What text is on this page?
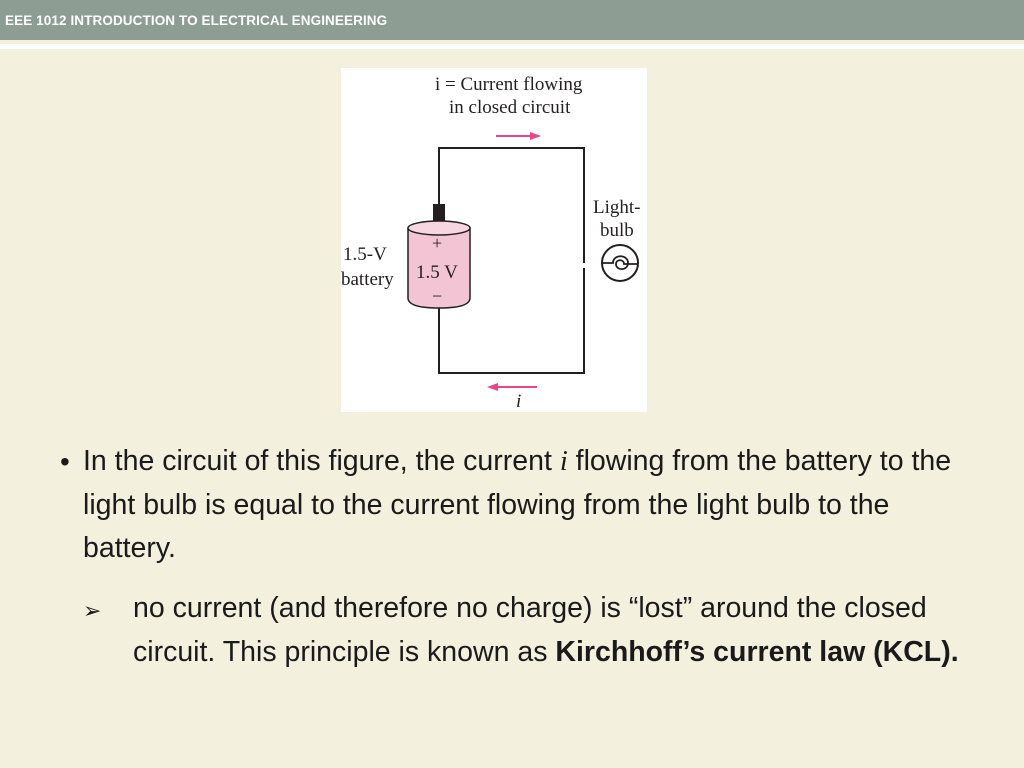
EEE 1012 INTRODUCTION TO ELECTRICAL ENGINEERING
i = Current flowing
in closed circuit
+
1.5 V
−
1.5-V
battery
Light-
bulb
i
• In the circuit of this figure, the current i flowing from the battery to the light bulb is equal to the current flowing from the light bulb to the battery.
➢ no current (and therefore no charge) is “lost” around the closed circuit. This principle is known as Kirchhoff’s current law (KCL).
